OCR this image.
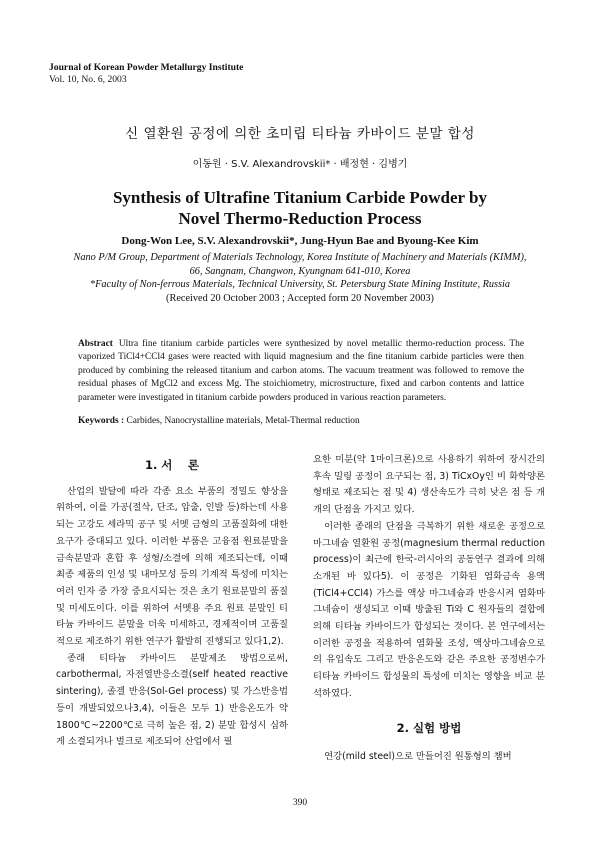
Journal of Korean Powder Metallurgy Institute
Vol. 10, No. 6, 2003
신 열환원 공정에 의한 초미립 티타늄 카바이드 분말 합성
이동원 · S.V. Alexandrovskii* · 배정현 · 김병기
Synthesis of Ultrafine Titanium Carbide Powder by
Novel Thermo-Reduction Process
Dong-Won Lee, S.V. Alexandrovskii*, Jung-Hyun Bae and Byoung-Kee Kim
Nano P/M Group, Department of Materials Technology, Korea Institute of Machinery and Materials (KIMM),
66, Sangnam, Changwon, Kyungnam 641-010, Korea
*Faculty of Non-ferrous Materials, Technical University, St. Petersburg State Mining Institute, Russia
(Received 20 October 2003 ; Accepted form 20 November 2003)
Abstract Ultra fine titanium carbide particles were synthesized by novel metallic thermo-reduction process. The vaporized TiCl4+CCl4 gases were reacted with liquid magnesium and the fine titanium carbide particles were then produced by combining the released titanium and carbon atoms. The vacuum treatment was followed to remove the residual phases of MgCl2 and excess Mg. The stoichiometry, microstructure, fixed and carbon contents and lattice parameter were investigated in titanium carbide powders produced in various reaction parameters.
Keywords : Carbides, Nanocrystalline materials, Metal-Thermal reduction
1. 서　 론

산업의 발달에 따라 각종 요소 부품의 정밀도 향상을 위하여, 이를 가공(절삭, 단조, 압출, 인발 등)하는데 사용되는 고강도 세라믹 공구 및 서멧 금형의 고품질화에 대한 요구가 증대되고 있다. 이러한 부품은 고융점 원료분말을 금속분말과 혼합 후 성형/소결에 의해 제조되는데, 이때 최종 제품의 인성 및 내마모성 등의 기계적 특성에 미치는 여러 인자 중 가장 중요시되는 것은 초기 원료분말의 품질 및 미세도이다. 이를 위하여 서멧용 주요 원료 분말인 티타늄 카바이드 분말을 더욱 미세하고, 경제적이며 고품질적으로 제조하기 위한 연구가 활발히 진행되고 있다1,2).

종래 티타늄 카바이드 분말제조 방법으로써, carbothermal, 자전열반응소결(self heated reactive sintering), 졸겔 반응(Sol-Gel process) 및 가스반응법 등이 개발되었으나3,4), 이들은 모두 1) 반응온도가 약 1800℃~2200℃로 극히 높은 점, 2) 분말 합성시 심하게 소결되거나 벌크로 제조되어 산업에서 필

요한 미분(약 1마이크론)으로 사용하기 위하여 장시간의 후속 밀링 공정이 요구되는 점, 3) TiCxOy인 비 화학양론 형태로 제조되는 점 및 4) 생산속도가 극히 낮은 점 등 개개의 단점을 가지고 있다.

이러한 종래의 단점을 극복하기 위한 새로운 공정으로 마그네슘 열환원 공정(magnesium thermal reduction process)이 최근에 한국-러시아의 공동연구 결과에 의해 소개된 바 있다5). 이 공정은 기화된 염화금속 용액(TiCl4+CCl4) 가스를 액상 마그네슘과 반응시켜 염화마그네슘이 생성되고 이때 방출된 Ti와 C 원자들의 결합에 의해 티타늄 카바이드가 합성되는 것이다. 본 연구에서는 이러한 공정을 적용하여 염화물 조성, 액상마그네슘으로의 유입속도 그리고 반응온도와 같은 주요한 공정변수가 티타늄 카바이드 합성물의 특성에 미치는 영향을 비교 분석하였다.

2. 실험 방법

연강(mild steel)으로 만들어진 원통형의 챔버

390
